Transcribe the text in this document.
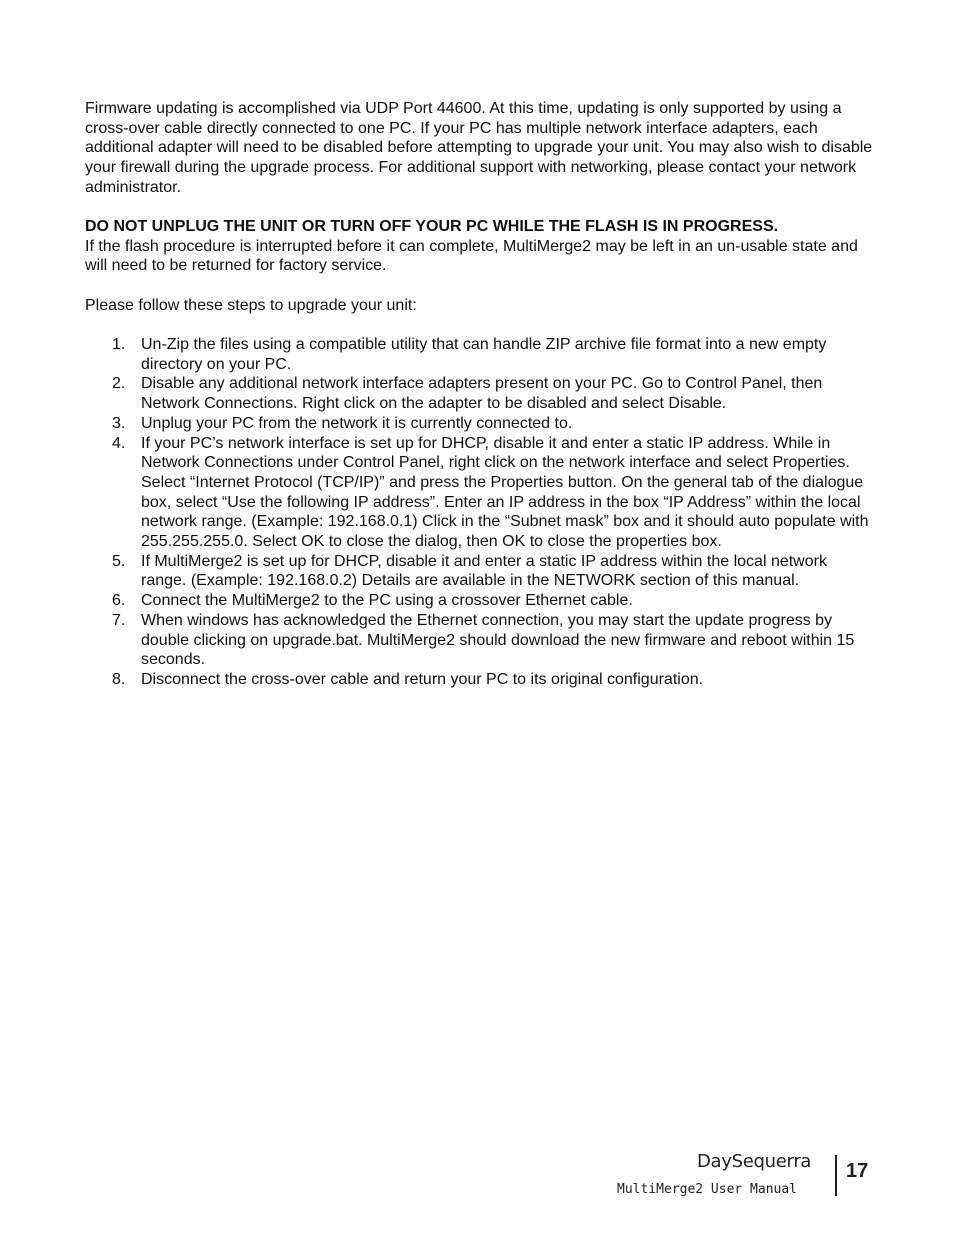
Firmware updating is accomplished via UDP Port 44600. At this time, updating is only supported by using a cross-over cable directly connected to one PC. If your PC has multiple network interface adapters, each additional adapter will need to be disabled before attempting to upgrade your unit. You may also wish to disable your firewall during the upgrade process. For additional support with networking, please contact your network administrator.

DO NOT UNPLUG THE UNIT OR TURN OFF YOUR PC WHILE THE FLASH IS IN PROGRESS.
If the flash procedure is interrupted before it can complete, MultiMerge2 may be left in an un-usable state and will need to be returned for factory service.

Please follow these steps to upgrade your unit:

1. Un-Zip the files using a compatible utility that can handle ZIP archive file format into a new empty directory on your PC.
2. Disable any additional network interface adapters present on your PC. Go to Control Panel, then Network Connections. Right click on the adapter to be disabled and select Disable.
3. Unplug your PC from the network it is currently connected to.
4. If your PC’s network interface is set up for DHCP, disable it and enter a static IP address. While in Network Connections under Control Panel, right click on the network interface and select Properties. Select “Internet Protocol (TCP/IP)” and press the Properties button. On the general tab of the dialogue box, select “Use the following IP address”. Enter an IP address in the box “IP Address” within the local network range. (Example: 192.168.0.1) Click in the “Subnet mask” box and it should auto populate with 255.255.255.0. Select OK to close the dialog, then OK to close the properties box.
5. If MultiMerge2 is set up for DHCP, disable it and enter a static IP address within the local network range. (Example: 192.168.0.2) Details are available in the NETWORK section of this manual.
6. Connect the MultiMerge2 to the PC using a crossover Ethernet cable.
7. When windows has acknowledged the Ethernet connection, you may start the update progress by double clicking on upgrade.bat. MultiMerge2 should download the new firmware and reboot within 15 seconds.
8. Disconnect the cross-over cable and return your PC to its original configuration.
DaySequerra
MultiMerge2 User Manual
17
